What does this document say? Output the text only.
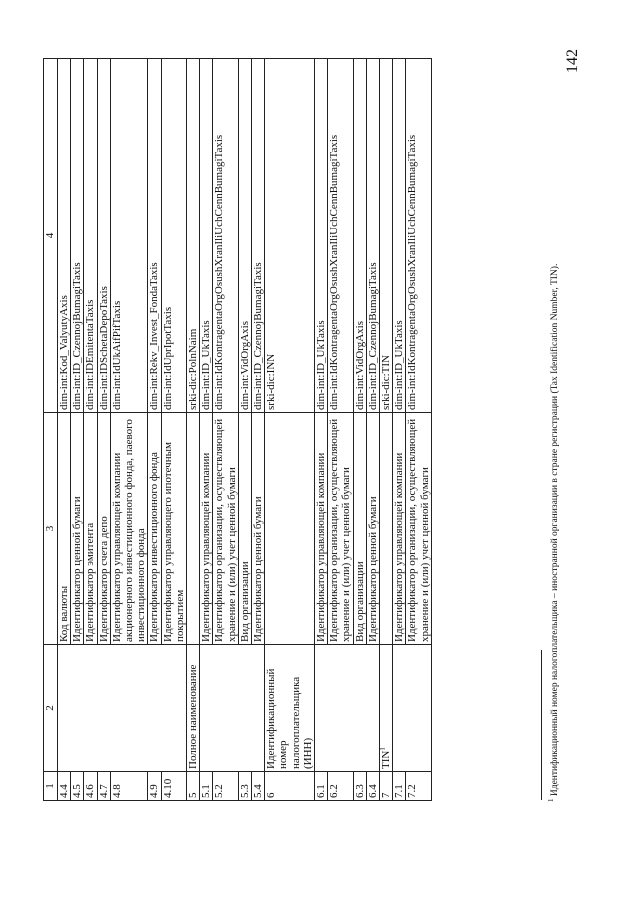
1	2	3	4
4.4		Код валюты	dim-int:Kod_ValyutyAxis
4.5		Идентификатор ценной бумаги	dim-int:ID_CzennojBumagiTaxis
4.6		Идентификатор эмитента	dim-int:IDEmitentaTaxis
4.7		Идентификатор счета депо	dim-int:IDSchetaDepoTaxis
4.8		Идентификатор управляющей компании акционерного инвестиционного фонда, паевого инвестиционного фонда	dim-int:IdUkAifPifTaxis
4.9		Идентификатор инвестиционного фонда	dim-int:Rekv_Invest_FondaTaxis
4.10		Идентификатор управляющего ипотечным покрытием	dim-int:IdUprIpotTaxis
5	Полное наименование		srki-dic:PolnNaim
5.1		Идентификатор управляющей компании	dim-int:ID_UkTaxis
5.2		Идентификатор организации, осуществляющей хранение и (или) учет ценной бумаги	dim-int:IdKontragentaOrgOsushXranIliUchCennBumagiTaxis
5.3		Вид организации	dim-int:VidOrgAxis
5.4		Идентификатор ценной бумаги	dim-int:ID_CzennojBumagiTaxis
6	Идентификационный номер налогоплательщика (ИНН)		srki-dic:INN
6.1		Идентификатор управляющей компании	dim-int:ID_UkTaxis
6.2		Идентификатор организации, осуществляющей хранение и (или) учет ценной бумаги	dim-int:IdKontragentaOrgOsushXranIliUchCennBumagiTaxis
6.3		Вид организации	dim-int:VidOrgAxis
6.4		Идентификатор ценной бумаги	dim-int:ID_CzennojBumagiTaxis
7	TIN$^1$		srki-dic:TIN
7.1		Идентификатор управляющей компании	dim-int:ID_UkTaxis
7.2		Идентификатор организации, осуществляющей хранение и (или) учет ценной бумаги	dim-int:IdKontragentaOrgOsushXranIliUchCennBumagiTaxis
$^1$ Идентификационный номер налогоплательщика – иностранной организации в стране регистрации (Tax Identification Number, TIN).
142
